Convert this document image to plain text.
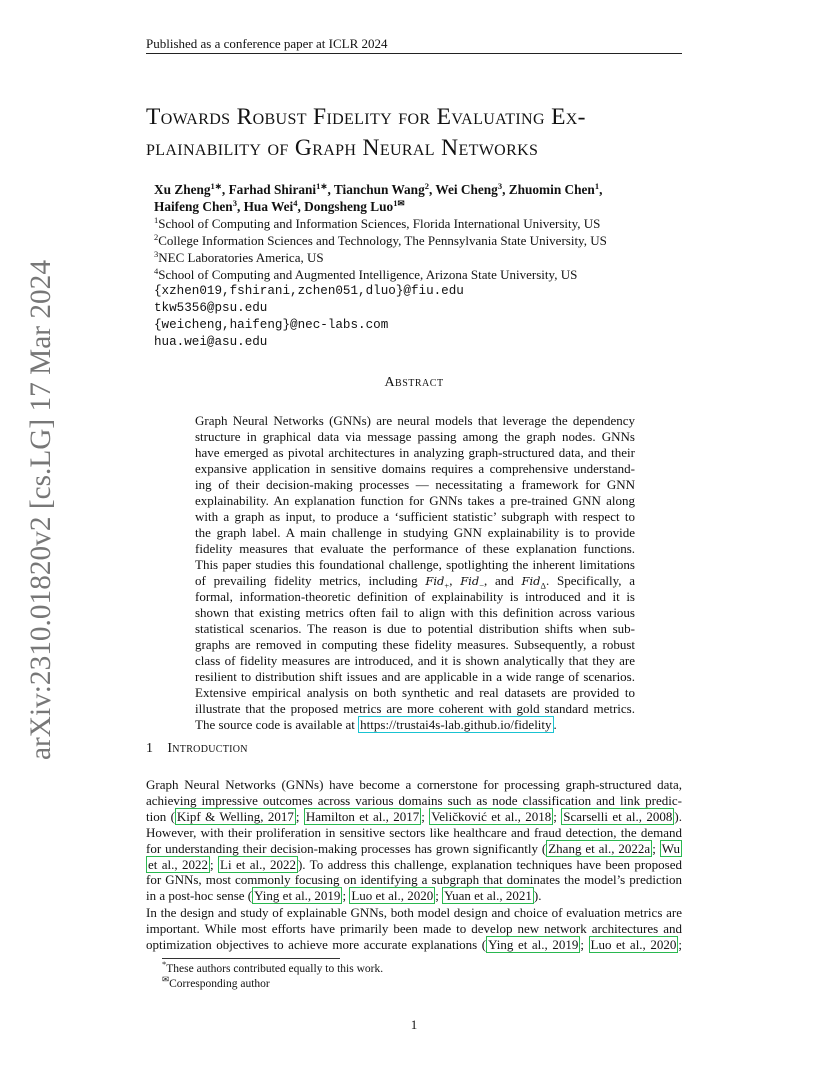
Published as a conference paper at ICLR 2024
arXiv:2310.01820v2 [cs.LG] 17 Mar 2024
Towards Robust Fidelity for Evaluating Ex-
plainability of Graph Neural Networks
Xu Zheng$^{1∗}$, Farhad Shirani$^{1∗}$, Tianchun Wang$^2$, Wei Cheng$^3$, Zhuomin Chen$^1$,
Haifeng Chen$^3$, Hua Wei$^4$, Dongsheng Luo$^{1✉}$
$^1$School of Computing and Information Sciences, Florida International University, US
$^2$College Information Sciences and Technology, The Pennsylvania State University, US
$^3$NEC Laboratories America, US
$^4$School of Computing and Augmented Intelligence, Arizona State University, US
{xzhen019,fshirani,zchen051,dluo}@fiu.edu
tkw5356@psu.edu
{weicheng,haifeng}@nec-labs.com
hua.wei@asu.edu
Abstract
Graph Neural Networks (GNNs) are neural models that leverage the dependency
structure in graphical data via message passing among the graph nodes. GNNs
have emerged as pivotal architectures in analyzing graph-structured data, and their
expansive application in sensitive domains requires a comprehensive understand-
ing of their decision-making processes — necessitating a framework for GNN
explainability. An explanation function for GNNs takes a pre-trained GNN along
with a graph as input, to produce a ‘sufficient statistic’ subgraph with respect to
the graph label. A main challenge in studying GNN explainability is to provide
fidelity measures that evaluate the performance of these explanation functions.
This paper studies this foundational challenge, spotlighting the inherent limitations
of prevailing fidelity metrics, including Fid$_+$, Fid$_-$, and Fid$_\Delta$. Specifically, a
formal, information-theoretic definition of explainability is introduced and it is
shown that existing metrics often fail to align with this definition across various
statistical scenarios. The reason is due to potential distribution shifts when sub-
graphs are removed in computing these fidelity measures. Subsequently, a robust
class of fidelity measures are introduced, and it is shown analytically that they are
resilient to distribution shift issues and are applicable in a wide range of scenarios.
Extensive empirical analysis on both synthetic and real datasets are provided to
illustrate that the proposed metrics are more coherent with gold standard metrics.
The source code is available at https://trustai4s-lab.github.io/fidelity .
1 Introduction
Graph Neural Networks (GNNs) have become a cornerstone for processing graph-structured data,
achieving impressive outcomes across various domains such as node classification and link predic-
tion ( Kipf & Welling, 2017 ; Hamilton et al., 2017 ; Veličković et al., 2018 ; Scarselli et al., 2008 ).
However, with their proliferation in sensitive sectors like healthcare and fraud detection, the demand
for understanding their decision-making processes has grown significantly ( Zhang et al., 2022a ; Wu
et al., 2022 ; Li et al., 2022 ). To address this challenge, explanation techniques have been proposed
for GNNs, most commonly focusing on identifying a subgraph that dominates the model’s prediction
in a post-hoc sense ( Ying et al., 2019 ; Luo et al., 2020 ; Yuan et al., 2021 ).
In the design and study of explainable GNNs, both model design and choice of evaluation metrics are
important. While most efforts have primarily been made to develop new network architectures and
optimization objectives to achieve more accurate explanations ( Ying et al., 2019 ; Luo et al., 2020 ;
*These authors contributed equally to this work.
✉Corresponding author
1
